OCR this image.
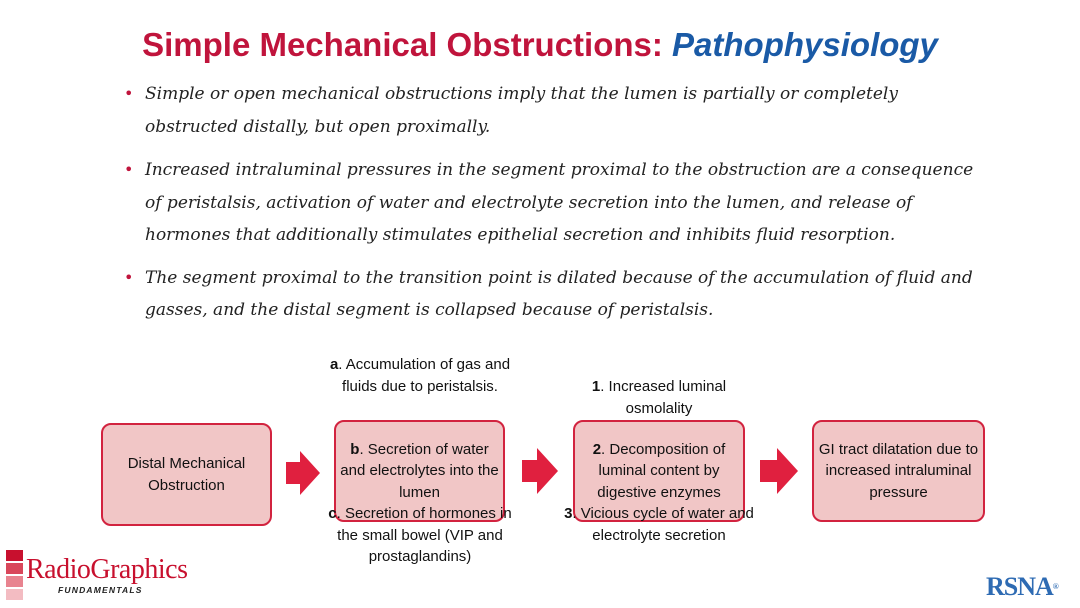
Simple Mechanical Obstructions: Pathophysiology
• Simple or open mechanical obstructions imply that the lumen is partially or completely obstructed distally, but open proximally.
• Increased intraluminal pressures in the segment proximal to the obstruction are a consequence of peristalsis, activation of water and electrolyte secretion into the lumen, and release of hormones that additionally stimulates epithelial secretion and inhibits fluid resorption.
• The segment proximal to the transition point is dilated because of the accumulation of fluid and gasses, and the distal segment is collapsed because of peristalsis.
Distal Mechanical Obstruction
a. Accumulation of gas and fluids due to peristalsis.
b. Secretion of water and electrolytes into the lumen
c. Secretion of hormones in the small bowel (VIP and prostaglandins)
1. Increased luminal osmolality
2. Decomposition of luminal content by digestive enzymes
3. Vicious cycle of water and electrolyte secretion
GI tract dilatation due to increased intraluminal pressure
RadioGraphics
FUNDAMENTALS	RSNA®
